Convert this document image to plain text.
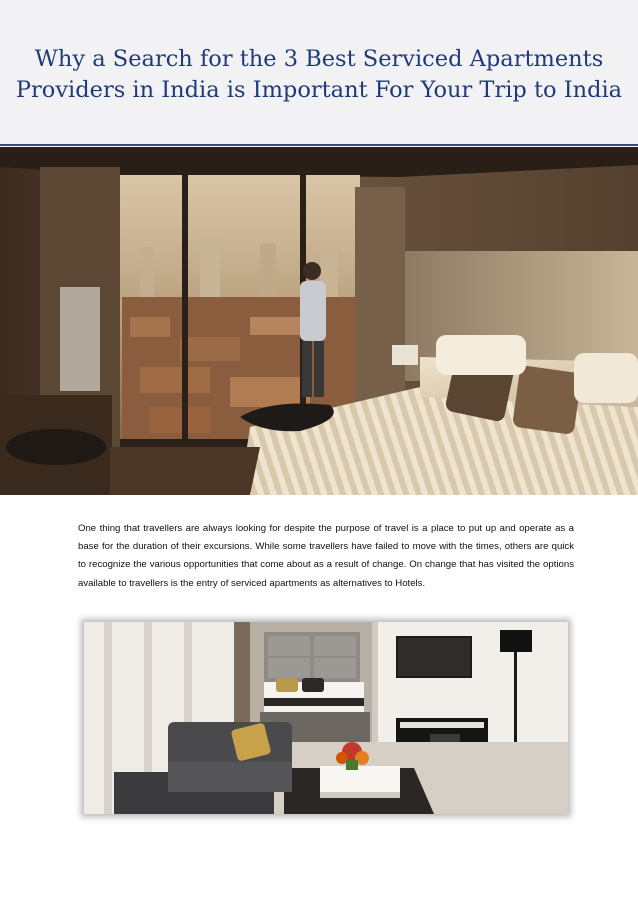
Why a Search for the 3 Best Serviced Apartments Providers in India is Important For Your Trip to India

One thing that travellers are always looking for despite the purpose of travel is a place to put up and operate as a base for the duration of their excursions. While some travellers have failed to move with the times, others are quick to recognize the various opportunities that come about as a result of change. On change that has visited the options available to travellers is the entry of serviced apartments as alternatives to Hotels.
